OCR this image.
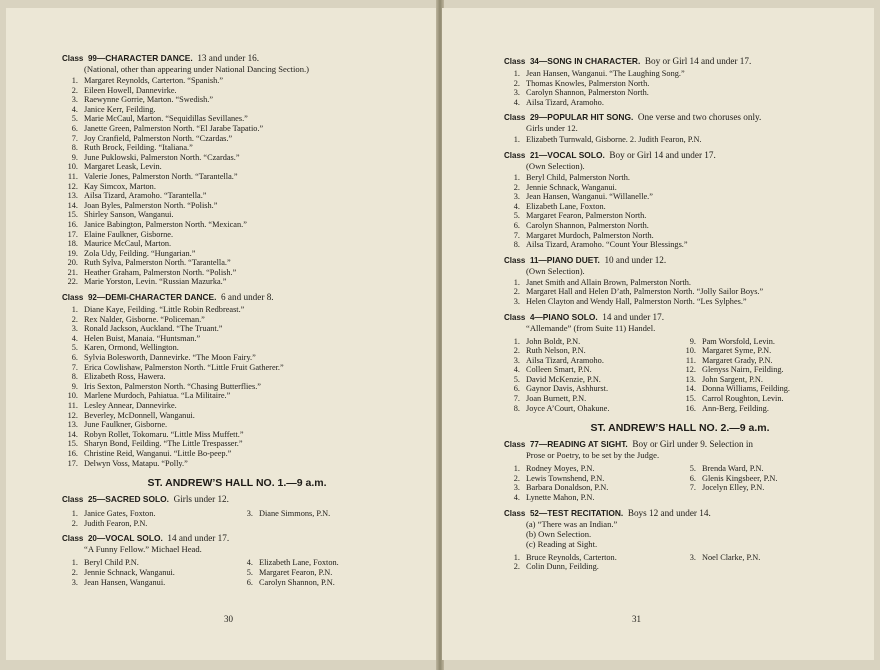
Class 99—CHARACTER DANCE. 13 and under 16.
(National, other than appearing under National Dancing Section.)
1. Margaret Reynolds, Carterton. “Spanish.”
2. Eileen Howell, Dannevirke.
3. Raewynne Gorrie, Marton. “Swedish.”
4. Janice Kerr, Feilding.
5. Marie McCaul, Marton. “Sequidillas Sevillanes.”
6. Janette Green, Palmerston North. “El Jarabe Tapatio.”
7. Joy Cranfield, Palmerston North. “Czardas.”
8. Ruth Brock, Feilding. “Italiana.”
9. June Puklowski, Palmerston North. “Czardas.”
10. Margaret Leask, Levin.
11. Valerie Jones, Palmerston North. “Tarantella.”
12. Kay Simcox, Marton.
13. Ailsa Tizard, Aramoho. “Tarantella.”
14. Joan Byles, Palmerston North. “Polish.”
15. Shirley Sanson, Wanganui.
16. Janice Babington, Palmerston North. “Mexican.”
17. Elaine Faulkner, Gisborne.
18. Maurice McCaul, Marton.
19. Zola Udy, Feilding. “Hungarian.”
20. Ruth Sylva, Palmerston North. “Tarantella.”
21. Heather Graham, Palmerston North. “Polish.”
22. Marie Yorston, Levin. “Russian Mazurka.”
Class 92—DEMI-CHARACTER DANCE. 6 and under 8.
1. Diane Kaye, Feilding. “Little Robin Redbreast.”
2. Rex Nalder, Gisborne. “Policeman.”
3. Ronald Jackson, Auckland. “The Truant.”
4. Helen Buist, Manaia. “Huntsman.”
5. Karen, Ormond, Wellington.
6. Sylvia Bolesworth, Dannevirke. “The Moon Fairy.”
7. Erica Cowlishaw, Palmerston North. “Little Fruit Gatherer.”
8. Elizabeth Ross, Hawera.
9. Iris Sexton, Palmerston North. “Chasing Butterflies.”
10. Marlene Murdoch, Pahiatua. “La Militaire.”
11. Lesley Annear, Dannevirke.
12. Beverley, McDonnell, Wanganui.
13. June Faulkner, Gisborne.
14. Robyn Rollet, Tokomaru. “Little Miss Muffett.”
15. Sharyn Bond, Feilding. “The Little Trespasser.”
16. Christine Reid, Wanganui. “Little Bo-peep.”
17. Delwyn Voss, Matapu. “Polly.”
ST. ANDREW’S HALL NO. 1.—9 a.m.
Class 25—SACRED SOLO. Girls under 12.
1. Janice Gates, Foxton.
2. Judith Fearon, P.N.
3. Diane Simmons, P.N.
Class 20—VOCAL SOLO. 14 and under 17.
“A Funny Fellow.” Michael Head.
1. Beryl Child P.N.
2. Jennie Schnack, Wanganui.
3. Jean Hansen, Wanganui.
4. Elizabeth Lane, Foxton.
5. Margaret Fearon, P.N.
6. Carolyn Shannon, P.N.
30
Class 34—SONG IN CHARACTER. Boy or Girl 14 and under 17.
1. Jean Hansen, Wanganui. “The Laughing Song.”
2. Thomas Knowles, Palmerston North.
3. Carolyn Shannon, Palmerston North.
4. Ailsa Tizard, Aramoho.
Class 29—POPULAR HIT SONG. One verse and two choruses only.
Girls under 12.
1. Elizabeth Turnwald, Gisborne. 2. Judith Fearon, P.N.
Class 21—VOCAL SOLO. Boy or Girl 14 and under 17.
(Own Selection).
1. Beryl Child, Palmerston North.
2. Jennie Schnack, Wanganui.
3. Jean Hansen, Wanganui. “Willanelle.”
4. Elizabeth Lane, Foxton.
5. Margaret Fearon, Palmerston North.
6. Carolyn Shannon, Palmerston North.
7. Margaret Murdoch, Palmerston North.
8. Ailsa Tizard, Aramoho. “Count Your Blessings.”
Class 11—PIANO DUET. 10 and under 12.
(Own Selection).
1. Janet Smith and Allain Brown, Palmerston North.
2. Margaret Hall and Helen D’ath, Palmerston North. “Jolly Sailor Boys.”
3. Helen Clayton and Wendy Hall, Palmerston North. “Les Sylphes.”
Class 4—PIANO SOLO. 14 and under 17.
“Allemande” (from Suite 11) Handel.
1. John Boldt, P.N.
2. Ruth Nelson, P.N.
3. Ailsa Tizard, Aramoho.
4. Colleen Smart, P.N.
5. David McKenzie, P.N.
6. Gaynor Davis, Ashhurst.
7. Joan Burnett, P.N.
8. Joyce A’Court, Ohakune.
9. Pam Worsfold, Levin.
10. Margaret Syme, P.N.
11. Margaret Grady, P.N.
12. Glenyss Nairn, Feilding.
13. John Sargent, P.N.
14. Donna Williams, Feilding.
15. Carrol Roughton, Levin.
16. Ann-Berg, Feilding.
ST. ANDREW’S HALL NO. 2.—9 a.m.
Class 77—READING AT SIGHT. Boy or Girl under 9. Selection in
Prose or Poetry, to be set by the Judge.
1. Rodney Moyes, P.N.
2. Lewis Townshend, P.N.
3. Barbara Donaldson, P.N.
4. Lynette Mahon, P.N.
5. Brenda Ward, P.N.
6. Glenis Kingsbeer, P.N.
7. Jocelyn Elley, P.N.
Class 52—TEST RECITATION. Boys 12 and under 14.
(a) “There was an Indian.”
(b) Own Selection.
(c) Reading at Sight.
1. Bruce Reynolds, Carterton.
2. Colin Dunn, Feilding.
3. Noel Clarke, P.N.
31
